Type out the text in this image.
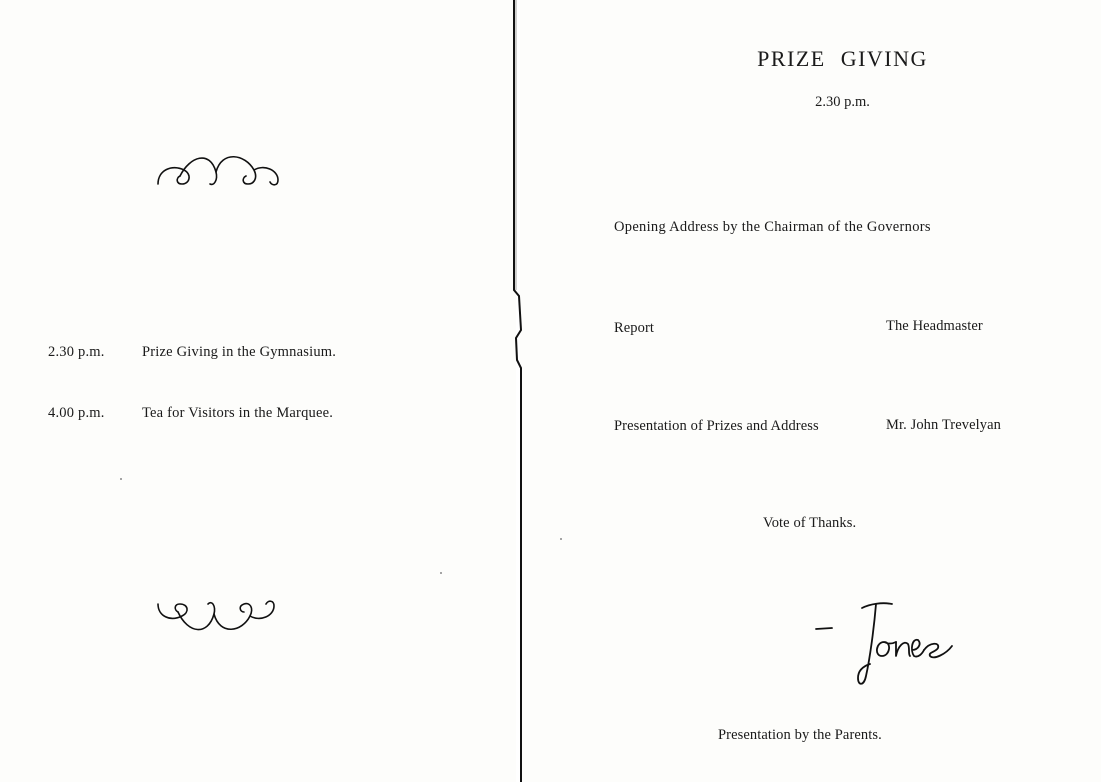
2.30 p.m.	Prize Giving in the Gymnasium.
4.00 p.m.	Tea for Visitors in the Marquee.
PRIZE GIVING
2.30 p.m.
Opening Address by the Chairman of the Governors
Report	The Headmaster
Presentation of Prizes and Address	Mr. John Trevelyan
Vote of Thanks.
Presentation by the Parents.
